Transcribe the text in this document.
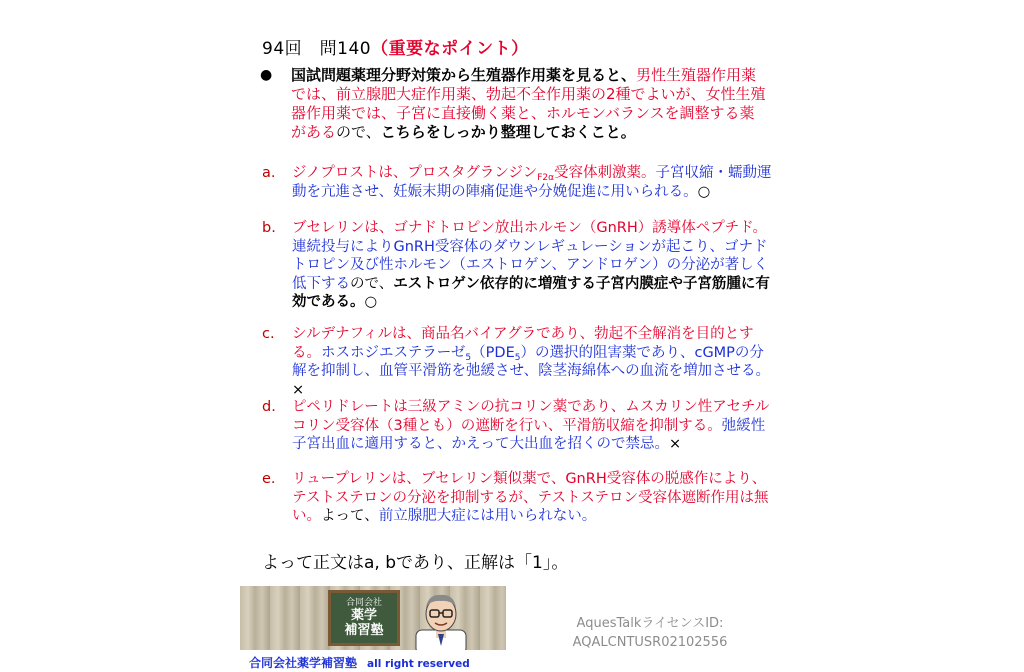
94回　問140（重要なポイント）
● 国試問題薬理分野対策から生殖器作用薬を見ると、男性生殖器作用薬では、前立腺肥大症作用薬、勃起不全作用薬の2種でよいが、女性生殖器作用薬では、子宮に直接働く薬と、ホルモンバランスを調整する薬があるので、こちらをしっかり整理しておくこと。
a.	ジノプロストは、プロスタグランジン$_{F2\alpha}$受容体刺激薬。子宮収縮・蠕動運動を亢進させ、妊娠末期の陣痛促進や分娩促進に用いられる。○
b.	ブセレリンは、ゴナドトロピン放出ホルモン（GnRH）誘導体ペプチド。連続投与によりGnRH受容体のダウンレギュレーションが起こり、ゴナドトロピン及び性ホルモン（エストロゲン、アンドロゲン）の分泌が著しく低下するので、エストロゲン依存的に増殖する子宮内膜症や子宮筋腫に有効である。○
c.	シルデナフィルは、商品名バイアグラであり、勃起不全解消を目的とする。ホスホジエステラーゼ$_5(PDE_5)$の選択的阻害薬であり、cGMPの分解を抑制し、血管平滑筋を弛緩させ、陰茎海綿体への血流を増加させる。×
d.	ピペリドレートは三級アミンの抗コリン薬であり、ムスカリン性アセチルコリン受容体（3種とも）の遮断を行い、平滑筋収縮を抑制する。弛緩性子宮出血に適用すると、かえって大出血を招くので禁忌。×
e.	リュープレリンは、ブセレリン類似薬で、GnRH受容体の脱感作により、テストステロンの分泌を抑制するが、テストステロン受容体遮断作用は無い。よって、前立腺肥大症には用いられない。
よって正文はa, bであり、正解は「1」。
合同会社
薬学
補習塾
合同会社薬学補習塾 all right reserved
AquesTalkライセンスID:
AQALCNTUSR02102556
